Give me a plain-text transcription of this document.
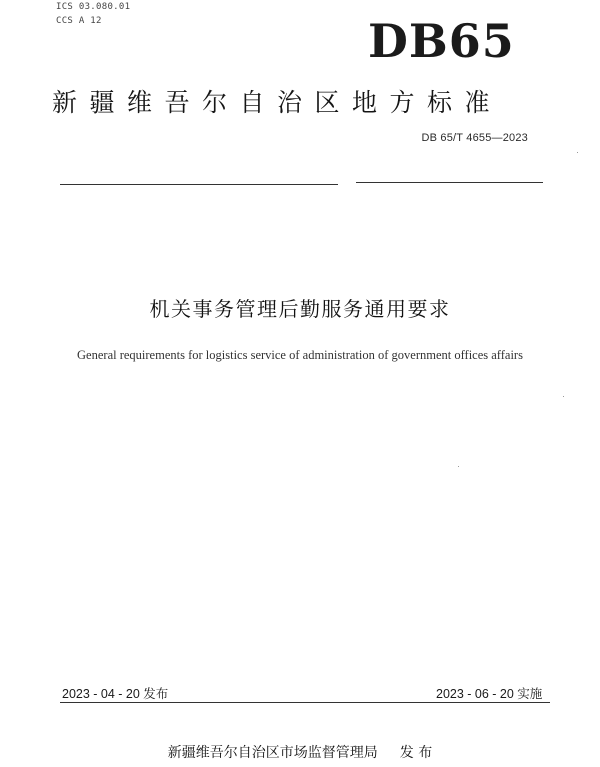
ICS 03.080.01
CCS A 12	DB65
新疆维吾尔自治区地方标准
DB 65/T 4655—2023
机关事务管理后勤服务通用要求
General requirements for logistics service of administration of government offices affairs
2023 - 04 - 20 发布	2023 - 06 - 20 实施
新疆维吾尔自治区市场监督管理局 发 布
